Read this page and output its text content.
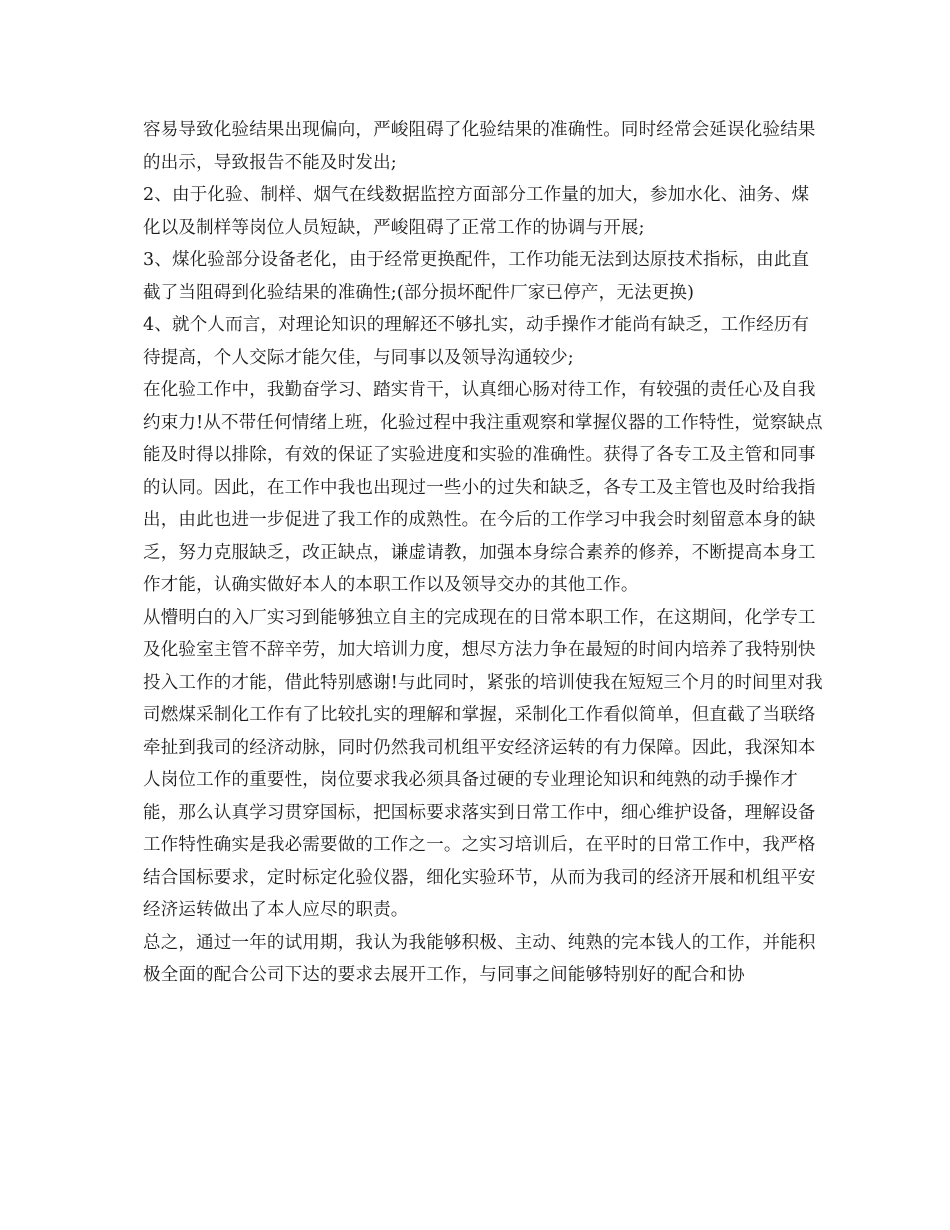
容易导致化验结果出现偏向，严峻阻碍了化验结果的准确性。同时经常会延误化验结果的出示，导致报告不能及时发出;

2、由于化验、制样、烟气在线数据监控方面部分工作量的加大，参加水化、油务、煤化以及制样等岗位人员短缺，严峻阻碍了正常工作的协调与开展;

3、煤化验部分设备老化，由于经常更换配件，工作功能无法到达原技术指标，由此直截了当阻碍到化验结果的准确性;(部分损坏配件厂家已停产，无法更换)

4、就个人而言，对理论知识的理解还不够扎实，动手操作才能尚有缺乏，工作经历有待提高，个人交际才能欠佳，与同事以及领导沟通较少;

在化验工作中，我勤奋学习、踏实肯干，认真细心肠对待工作，有较强的责任心及自我约束力!从不带任何情绪上班，化验过程中我注重观察和掌握仪器的工作特性，觉察缺点能及时得以排除，有效的保证了实验进度和实验的准确性。获得了各专工及主管和同事的认同。因此，在工作中我也出现过一些小的过失和缺乏，各专工及主管也及时给我指出，由此也进一步促进了我工作的成熟性。在今后的工作学习中我会时刻留意本身的缺乏，努力克服缺乏，改正缺点，谦虚请教，加强本身综合素养的修养，不断提高本身工作才能，认确实做好本人的本职工作以及领导交办的其他工作。

从懵明白的入厂实习到能够独立自主的完成现在的日常本职工作，在这期间，化学专工及化验室主管不辞辛劳，加大培训力度，想尽方法力争在最短的时间内培养了我特别快投入工作的才能，借此特别感谢!与此同时，紧张的培训使我在短短三个月的时间里对我司燃煤采制化工作有了比较扎实的理解和掌握，采制化工作看似简单，但直截了当联络牵扯到我司的经济动脉，同时仍然我司机组平安经济运转的有力保障。因此，我深知本人岗位工作的重要性，岗位要求我必须具备过硬的专业理论知识和纯熟的动手操作才能，那么认真学习贯穿国标，把国标要求落实到日常工作中，细心维护设备，理解设备工作特性确实是我必需要做的工作之一。之实习培训后，在平时的日常工作中，我严格结合国标要求，定时标定化验仪器，细化实验环节，从而为我司的经济开展和机组平安经济运转做出了本人应尽的职责。

总之，通过一年的试用期，我认为我能够积极、主动、纯熟的完本钱人的工作，并能积极全面的配合公司下达的要求去展开工作，与同事之间能够特别好的配合和协
